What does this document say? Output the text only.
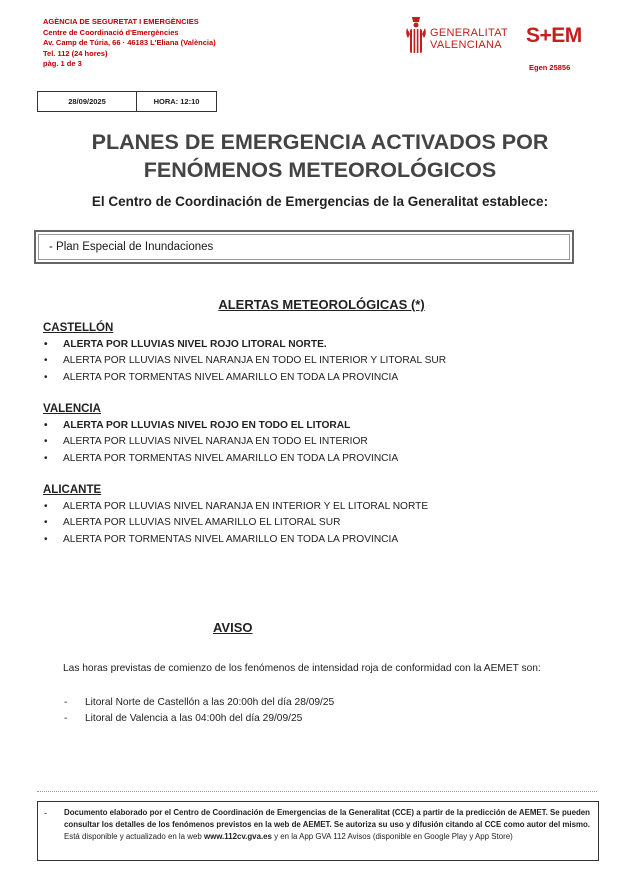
AGÈNCIA DE SEGURETAT I EMERGÈNCIES
Centre de Coordinació d'Emergències
Av. Camp de Túria, 66 · 46183 L'Eliana (València)
Tel. 112 (24 hores)
pàg. 1 de 3
GENERALITAT
VALENCIANA S+EM
Egen 25856
28/09/2025	HORA: 12:10
PLANES DE EMERGENCIA ACTIVADOS POR
FENÓMENOS METEOROLÓGICOS
El Centro de Coordinación de Emergencias de la Generalitat establece:
- Plan Especial de Inundaciones
ALERTAS METEOROLÓGICAS (*)
CASTELLÓN
• ALERTA POR LLUVIAS NIVEL ROJO LITORAL NORTE.
• ALERTA POR LLUVIAS NIVEL NARANJA EN TODO EL INTERIOR Y LITORAL SUR
• ALERTA POR TORMENTAS NIVEL AMARILLO EN TODA LA PROVINCIA
VALENCIA
• ALERTA POR LLUVIAS NIVEL ROJO EN TODO EL LITORAL
• ALERTA POR LLUVIAS NIVEL NARANJA EN TODO EL INTERIOR
• ALERTA POR TORMENTAS NIVEL AMARILLO EN TODA LA PROVINCIA
ALICANTE
• ALERTA POR LLUVIAS NIVEL NARANJA EN INTERIOR Y EL LITORAL NORTE
• ALERTA POR LLUVIAS NIVEL AMARILLO EL LITORAL SUR
• ALERTA POR TORMENTAS NIVEL AMARILLO EN TODA LA PROVINCIA
AVISO
Las horas previstas de comienzo de los fenómenos de intensidad roja de conformidad con la AEMET son:
- Litoral Norte de Castellón a las 20:00h del día 28/09/25
- Litoral de Valencia a las 04:00h del día 29/09/25
- Documento elaborado por el Centro de Coordinación de Emergencias de la Generalitat (CCE) a partir de la predicción de AEMET. Se pueden consultar los detalles de los fenómenos previstos en la web de AEMET. Se autoriza su uso y difusión citando al CCE como autor del mismo. Está disponible y actualizado en la web www.112cv.gva.es y en la App GVA 112 Avisos (disponible en Google Play y App Store)
